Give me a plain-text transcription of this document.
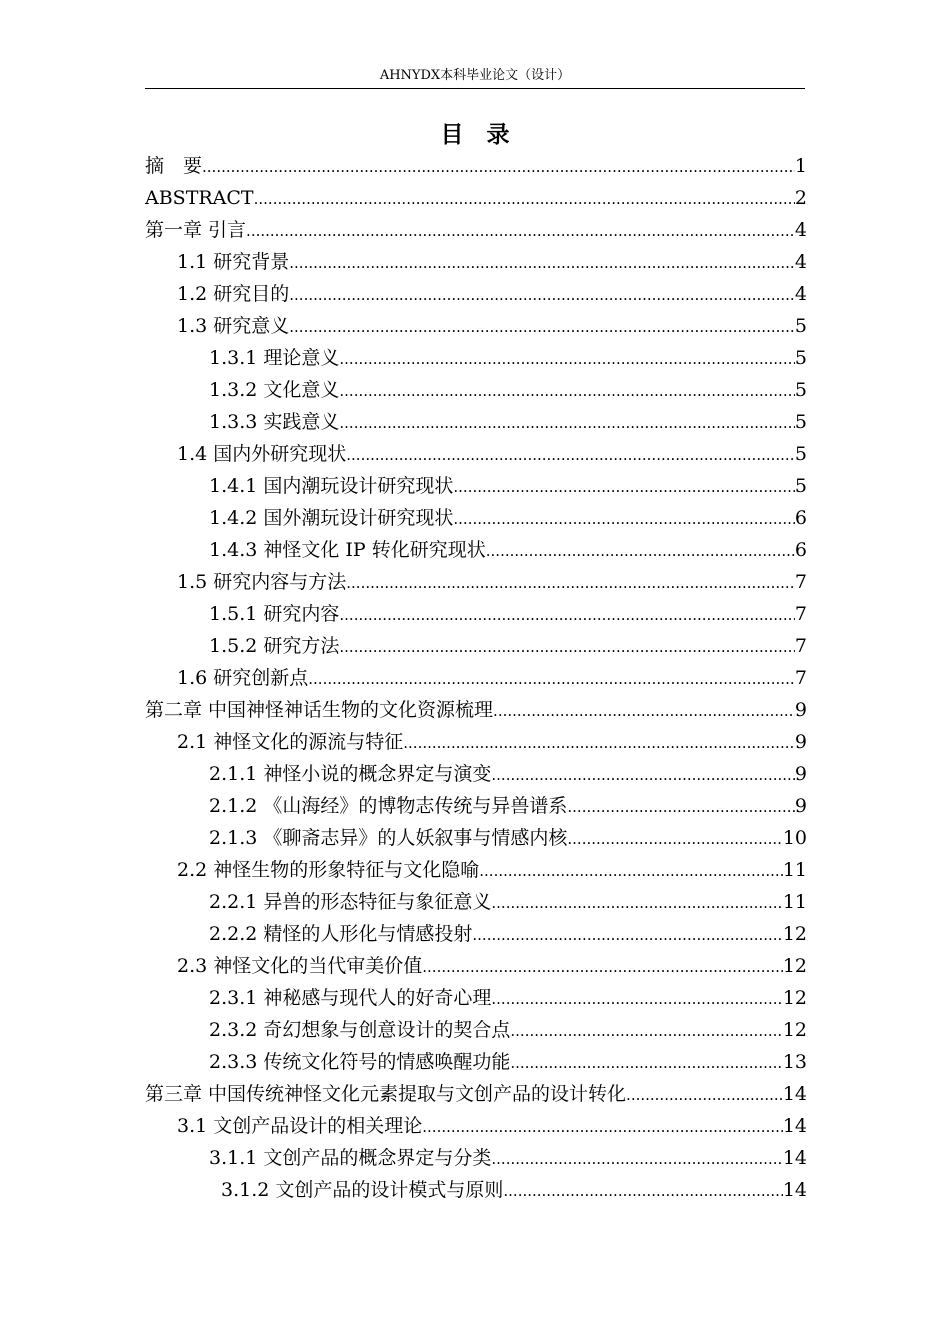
AHNYDX本科毕业论文（设计）
目　录
摘　要 .....	1
ABSTRACT .....	2
第一章 引言 .....	4
1.1 研究背景 .....	4
1.2 研究目的 .....	4
1.3 研究意义 .....	5
1.3.1 理论意义 .....	5
1.3.2 文化意义 .....	5
1.3.3 实践意义 .....	5
1.4 国内外研究现状 .....	5
1.4.1 国内潮玩设计研究现状 .....	5
1.4.2 国外潮玩设计研究现状 .....	6
1.4.3 神怪文化 IP 转化研究现状 .....	6
1.5 研究内容与方法 .....	7
1.5.1 研究内容 .....	7
1.5.2 研究方法 .....	7
1.6 研究创新点 .....	7
第二章 中国神怪神话生物的文化资源梳理 .....	9
2.1 神怪文化的源流与特征 .....	9
2.1.1 神怪小说的概念界定与演变 .....	9
2.1.2 《山海经》的博物志传统与异兽谱系 .....	9
2.1.3 《聊斋志异》的人妖叙事与情感内核 .....	10
2.2 神怪生物的形象特征与文化隐喻 .....	11
2.2.1 异兽的形态特征与象征意义 .....	11
2.2.2 精怪的人形化与情感投射 .....	12
2.3 神怪文化的当代审美价值 .....	12
2.3.1 神秘感与现代人的好奇心理 .....	12
2.3.2 奇幻想象与创意设计的契合点 .....	12
2.3.3 传统文化符号的情感唤醒功能 .....	13
第三章 中国传统神怪文化元素提取与文创产品的设计转化 .....	14
3.1 文创产品设计的相关理论 .....	14
3.1.1 文创产品的概念界定与分类 .....	14
3.1.2 文创产品的设计模式与原则 .....	14
